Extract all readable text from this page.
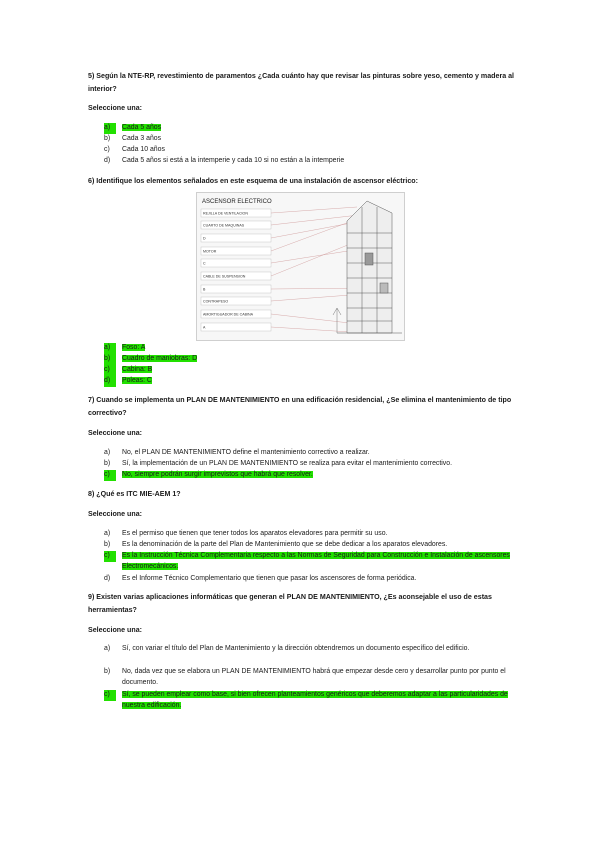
5) Según la NTE-RP, revestimiento de paramentos ¿Cada cuánto hay que revisar las pinturas sobre yeso, cemento y madera al interior?
Seleccione una:
a)	Cada 5 años
b)	Cada 3 años
c)	Cada 10 años
d)	Cada 5 años si está a la intemperie y cada 10 si no están a la intemperie
6) Identifique los elementos señalados en este esquema de una instalación de ascensor eléctrico:
ASCENSOR ELECTRICO
REJILLA DE VENTILACION
CUARTO DE MAQUINAS
D
MOTOR
C
CABLE DE SUSPENSION
B
CONTRAPESO
AMORTIGUADOR DE CABINA
A
a)	Foso: A
b)	Cuadro de maniobras: D
c)	Cabina: B
d)	Poleas: C
7) Cuando se implementa un PLAN DE MANTENIMIENTO en una edificación residencial, ¿Se elimina el mantenimiento de tipo correctivo?
Seleccione una:
a)	No, el PLAN DE MANTENIMIENTO define el mantenimiento correctivo a realizar.
b)	Sí, la implementación de un PLAN DE MANTENIMIENTO se realiza para evitar el mantenimiento correctivo.
c)	No, siempre podrán surgir imprevistos que habrá que resolver.
8) ¿Qué es ITC MIE-AEM 1?
Seleccione una:
a)	Es el permiso que tienen que tener todos los aparatos elevadores para permitir su uso.
b)	Es la denominación de la parte del Plan de Mantenimiento que se debe dedicar a los aparatos elevadores.
c)	Es la Instrucción Técnica Complementaria respecto a las Normas de Seguridad para Construcción e Instalación de ascensores Electromecánicos.
d)	Es el Informe Técnico Complementario que tienen que pasar los ascensores de forma periódica.
9) Existen varias aplicaciones informáticas que generan el PLAN DE MANTENIMIENTO, ¿Es aconsejable el uso de estas herramientas?
Seleccione una:
a)	Sí, con variar el título del Plan de Mantenimiento y la dirección obtendremos un documento específico del edificio.
b)	No, dada vez que se elabora un PLAN DE MANTENIMIENTO habrá que empezar desde cero y desarrollar punto por punto el documento.
c)	Sí, se pueden emplear como base, si bien ofrecen planteamientos genéricos que deberemos adaptar a las particularidades de nuestra edificación.
